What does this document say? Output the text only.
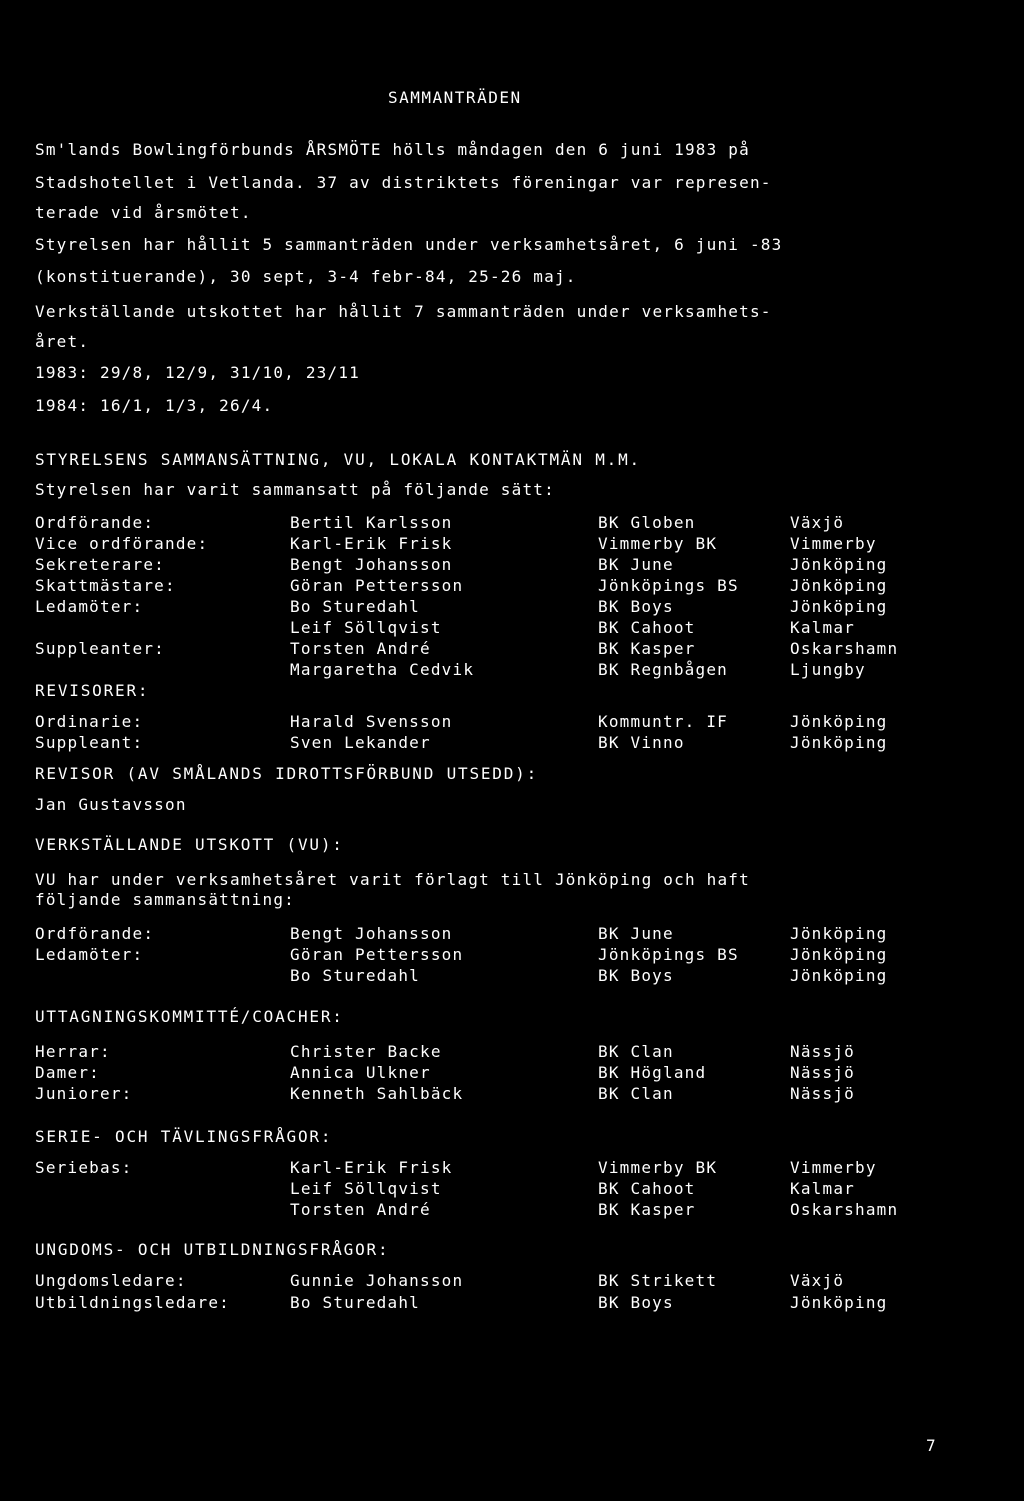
SAMMANTRÄDEN
Sm'lands Bowlingförbunds ÅRSMÖTE hölls måndagen den 6 juni 1983 på
Stadshotellet i Vetlanda. 37 av distriktets föreningar var represen-
terade vid årsmötet.
Styrelsen har hållit 5 sammanträden under verksamhetsåret, 6 juni -83
(konstituerande), 30 sept, 3-4 febr-84, 25-26 maj.
Verkställande utskottet har hållit 7 sammanträden under verksamhets-
året.
1983: 29/8, 12/9, 31/10, 23/11
1984: 16/1, 1/3, 26/4.
STYRELSENS SAMMANSÄTTNING, VU, LOKALA KONTAKTMÄN M.M.
Styrelsen har varit sammansatt på följande sätt:
Ordförande:	Bertil Karlsson	BK Globen	Växjö
Vice ordförande:	Karl-Erik Frisk	Vimmerby BK	Vimmerby
Sekreterare:	Bengt Johansson	BK June	Jönköping
Skattmästare:	Göran Pettersson	Jönköpings BS	Jönköping
Ledamöter:	Bo Sturedahl	BK Boys	Jönköping
Leif Söllqvist	BK Cahoot	Kalmar
Suppleanter:	Torsten André	BK Kasper	Oskarshamn
Margaretha Cedvik	BK Regnbågen	Ljungby
REVISORER:
Ordinarie:	Harald Svensson	Kommuntr. IF	Jönköping
Suppleant:	Sven Lekander	BK Vinno	Jönköping
REVISOR (AV SMÅLANDS IDROTTSFÖRBUND UTSEDD):
Jan Gustavsson
VERKSTÄLLANDE UTSKOTT (VU):
VU har under verksamhetsåret varit förlagt till Jönköping och haft
följande sammansättning:
Ordförande:	Bengt Johansson	BK June	Jönköping
Ledamöter:	Göran Pettersson	Jönköpings BS	Jönköping
Bo Sturedahl	BK Boys	Jönköping
UTTAGNINGSKOMMITTÉ/COACHER:
Herrar:	Christer Backe	BK Clan	Nässjö
Damer:	Annica Ulkner	BK Högland	Nässjö
Juniorer:	Kenneth Sahlbäck	BK Clan	Nässjö
SERIE- OCH TÄVLINGSFRÅGOR:
Seriebas:	Karl-Erik Frisk	Vimmerby BK	Vimmerby
Leif Söllqvist	BK Cahoot	Kalmar
Torsten André	BK Kasper	Oskarshamn
UNGDOMS- OCH UTBILDNINGSFRÅGOR:
Ungdomsledare:	Gunnie Johansson	BK Strikett	Växjö
Utbildningsledare:	Bo Sturedahl	BK Boys	Jönköping
7
